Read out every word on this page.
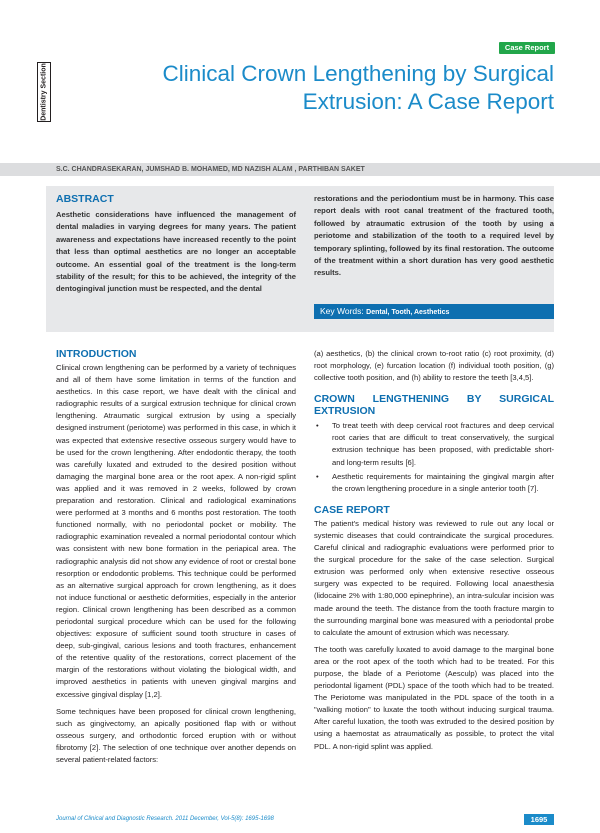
Case Report
Dentistry Section	Clinical Crown Lengthening by Surgical Extrusion: A Case Report
S.C. CHANDRASEKARAN, JUMSHAD B. MOHAMED, MD NAZISH ALAM , PARTHIBAN SAKET
ABSTRACT
Aesthetic considerations have influenced the management of dental maladies in varying degrees for many years. The patient awareness and expectations have increased recently to the point that less than optimal aesthetics are no longer an acceptable outcome. An essential goal of the treatment is the long-term stability of the result; for this to be achieved, the integrity of the dentogingival junction must be respected, and the dental
restorations and the periodontium must be in harmony. This case report deals with root canal treatment of the fractured tooth, followed by atraumatic extrusion of the tooth by using a periotome and stabilization of the tooth to a required level by temporary splinting, followed by its final restoration. The outcome of the treatment within a short duration has very good aesthetic results.
Key Words: Dental, Tooth, Aesthetics
INTRODUCTION

Clinical crown lengthening can be performed by a variety of techniques and all of them have some limitation in terms of the function and aesthetics. In this case report, we have dealt with the clinical and radiographic results of a surgical extrusion technique for clinical crown lengthening. Atraumatic surgical extrusion by using a specially designed instrument (periotome) was performed in this case, in which it was expected that extensive resective osseous surgery would have to be used for the crown lengthening. After endodontic therapy, the tooth was carefully luxated and extruded to the desired position without damaging the marginal bone area or the root apex. A non-rigid splint was applied and it was removed in 2 weeks, followed by crown preparation and restoration. Clinical and radiological examinations were performed at 3 months and 6 months post restoration. The tooth functioned normally, with no periodontal pocket or mobility. The radiographic examination revealed a normal periodontal contour which was consistent with new bone formation in the periapical area. The radiographic analysis did not show any evidence of root or crestal bone resorption or endodontic problems. This technique could be performed as an alternative surgical approach for crown lengthening, as it does not induce functional or aesthetic deformities, especially in the anterior region. Clinical crown lengthening has been described as a common periodontal surgical procedure which can be used for the following objectives: exposure of sufficient sound tooth structure in cases of deep, sub-gingival, carious lesions and tooth fractures, enhancement of the retentive quality of the restorations, correct placement of the margin of the restorations without violating the biological width, and improved aesthetics in patients with uneven gingival margins and excessive gingival display [1,2].

Some techniques have been proposed for clinical crown lengthening, such as gingivectomy, an apically positioned flap with or without osseous surgery, and orthodontic forced eruption with or without fibrotomy [2]. The selection of one technique over another depends on several patient-related factors:

(a) aesthetics, (b) the clinical crown to-root ratio (c) root proximity, (d) root morphology, (e) furcation location (f) individual tooth position, (g) collective tooth position, and (h) ability to restore the teeth [3,4,5].

CROWN LENGTHENING BY SURGICAL EXTRUSION
• To treat teeth with deep cervical root fractures and deep cervical root caries that are difficult to treat conservatively, the surgical extrusion technique has been proposed, with predictable short- and long-term results [6].
• Aesthetic requirements for maintaining the gingival margin after the crown lengthening procedure in a single anterior tooth [7].
CASE REPORT

The patient's medical history was reviewed to rule out any local or systemic diseases that could contraindicate the surgical procedures. Careful clinical and radiographic evaluations were performed prior to the surgical procedure for the sake of the case selection. Surgical extrusion was performed only when extensive resective osseous surgery was expected to be required. Following local anaesthesia (lidocaine 2% with 1:80,000 epinephrine), an intra-sulcular incision was made around the teeth. The distance from the tooth fracture margin to the surrounding marginal bone was measured with a periodontal probe to calculate the amount of extrusion which was necessary.

The tooth was carefully luxated to avoid damage to the marginal bone area or the root apex of the tooth which had to be treated. For this purpose, the blade of a Periotome (Aesculp) was placed into the periodontal ligament (PDL) space of the tooth which had to be treated. The Periotome was manipulated in the PDL space of the tooth in a "walking motion" to luxate the tooth without inducing surgical trauma. After careful luxation, the tooth was extruded to the desired position by using a haemostat as atraumatically as possible, to protect the vital PDL. A non-rigid splint was applied.

Journal of Clinical and Diagnostic Research. 2011 December, Vol-5(8): 1695-1698	1695
